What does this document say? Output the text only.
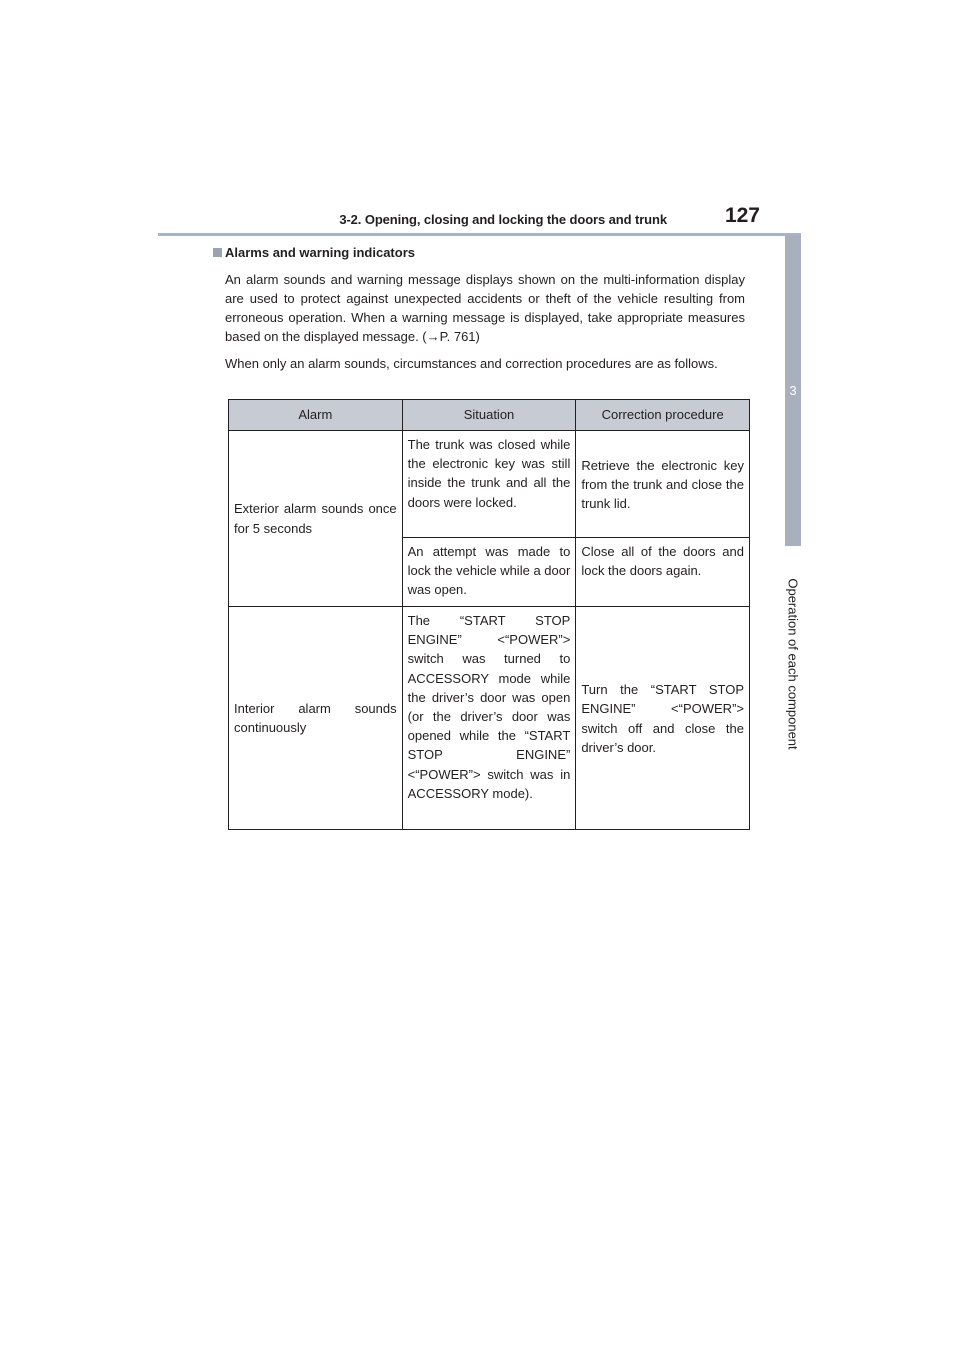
3-2. Opening, closing and locking the doors and trunk	127
3
Operation of each component
Alarms and warning indicators
An alarm sounds and warning message displays shown on the multi-information display are used to protect against unexpected accidents or theft of the vehicle resulting from erroneous operation. When a warning message is displayed, take appropriate measures based on the displayed message. (→P. 761)
When only an alarm sounds, circumstances and correction procedures are as follows.
Alarm	Situation	Correction procedure
Exterior alarm sounds once for 5 seconds	The trunk was closed while the electronic key was still inside the trunk and all the doors were locked.	Retrieve the electronic key from the trunk and close the trunk lid.
	An attempt was made to lock the vehicle while a door was open.	Close all of the doors and lock the doors again.
Interior alarm sounds continuously	The “START STOP ENGINE” <“POWER”> switch was turned to ACCESSORY mode while the driver’s door was open (or the driver’s door was opened while the “START STOP ENGINE” <“POWER”> switch was in ACCESSORY mode).	Turn the “START STOP ENGINE” <“POWER”> switch off and close the driver’s door.
